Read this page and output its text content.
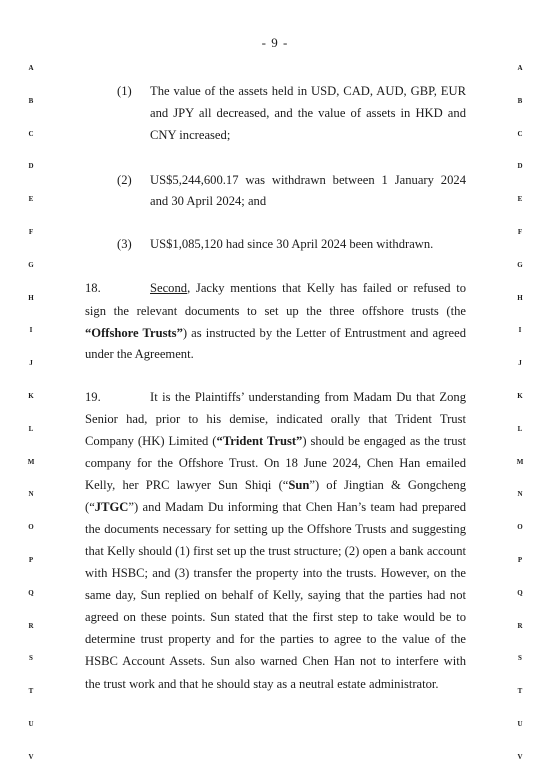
- 9 -
A
B
C
D
E
F
G
H
I
J
K
L
M
N
O
P
Q
R
S
T
U
V
A
B
C
D
E
F
G
H
I
J
K
L
M
N
O
P
Q
R
S
T
U
V
(1) The value of the assets held in USD, CAD, AUD, GBP, EUR
and JPY all decreased, and the value of assets in HKD and
CNY increased;
(2) US$5,244,600.17 was withdrawn between 1 January 2024
and 30 April 2024; and
(3) US$1,085,120 had since 30 April 2024 been withdrawn.
18.	Second, Jacky mentions that Kelly has failed or refused to
sign the relevant documents to set up the three offshore trusts (the
“Offshore Trusts”) as instructed by the Letter of Entrustment and agreed
under the Agreement.
19.	It is the Plaintiffs’ understanding from Madam Du that Zong
Senior had, prior to his demise, indicated orally that Trident Trust
Company (HK) Limited (“Trident Trust”) should be engaged as the trust
company for the Offshore Trust. On 18 June 2024, Chen Han emailed
Kelly, her PRC lawyer Sun Shiqi (“Sun”) of Jingtian & Gongcheng
(“JTGC”) and Madam Du informing that Chen Han’s team had prepared
the documents necessary for setting up the Offshore Trusts and suggesting
that Kelly should (1) first set up the trust structure; (2) open a bank account
with HSBC; and (3) transfer the property into the trusts. However, on the
same day, Sun replied on behalf of Kelly, saying that the parties had not
agreed on these points. Sun stated that the first step to take would be to
determine trust property and for the parties to agree to the value of the
HSBC Account Assets. Sun also warned Chen Han not to interfere with
the trust work and that he should stay as a neutral estate administrator.
